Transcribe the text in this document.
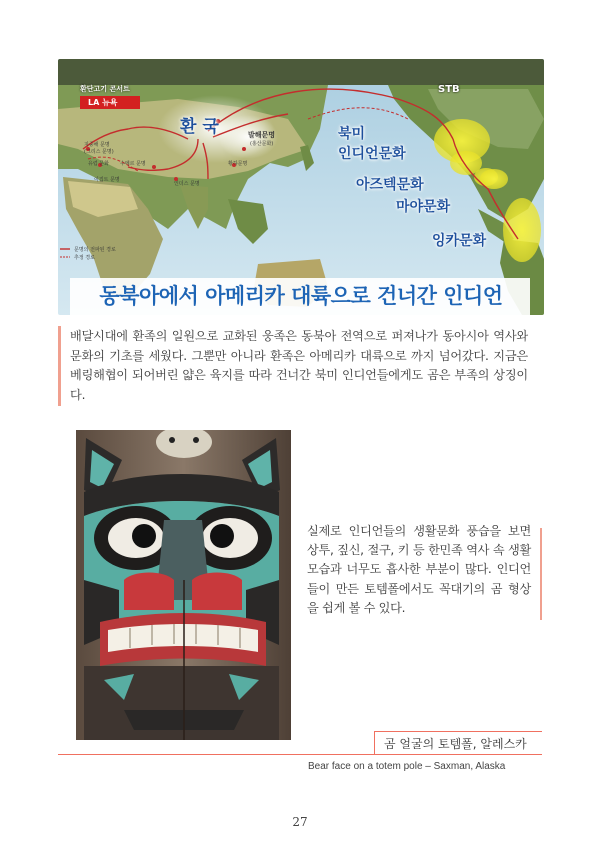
환단고기 콘서트
LA 뉴욕
STB
환 국	발해문명
(홍산문화)
황하문명
인더스 문명
수메르 문명
이집트 문명
지중해 문명
(그리스 문명)
유럽 문화
북미
인디언문화
아즈텍문화
마야문화
잉카문화
문명의 전파된 경로
추정 경로
동북아에서 아메리카 대륙으로 건너간 인디언
배달시대에 환족의 일원으로 교화된 웅족은 동북아 전역으로 퍼져나가 동아시아 역사와 문화의 기초를 세웠다. 그뿐만 아니라 환족은 아메리카 대륙으로 까지 넘어갔다. 지금은 베링해협이 되어버린 얇은 육지를 따라 건너간 북미 인디언들에게도 곰은 부족의 상징이다.
실제로 인디언들의 생활문화 풍습을 보면 상투, 짚신, 절구, 키 등 한민족 역사 속 생활모습과 너무도 흡사한 부분이 많다. 인디언들이 만든 토템폴에서도 꼭대기의 곰 형상을 쉽게 볼 수 있다.
곰 얼굴의 토템폴, 알레스카
Bear face on a totem pole – Saxman, Alaska
27
